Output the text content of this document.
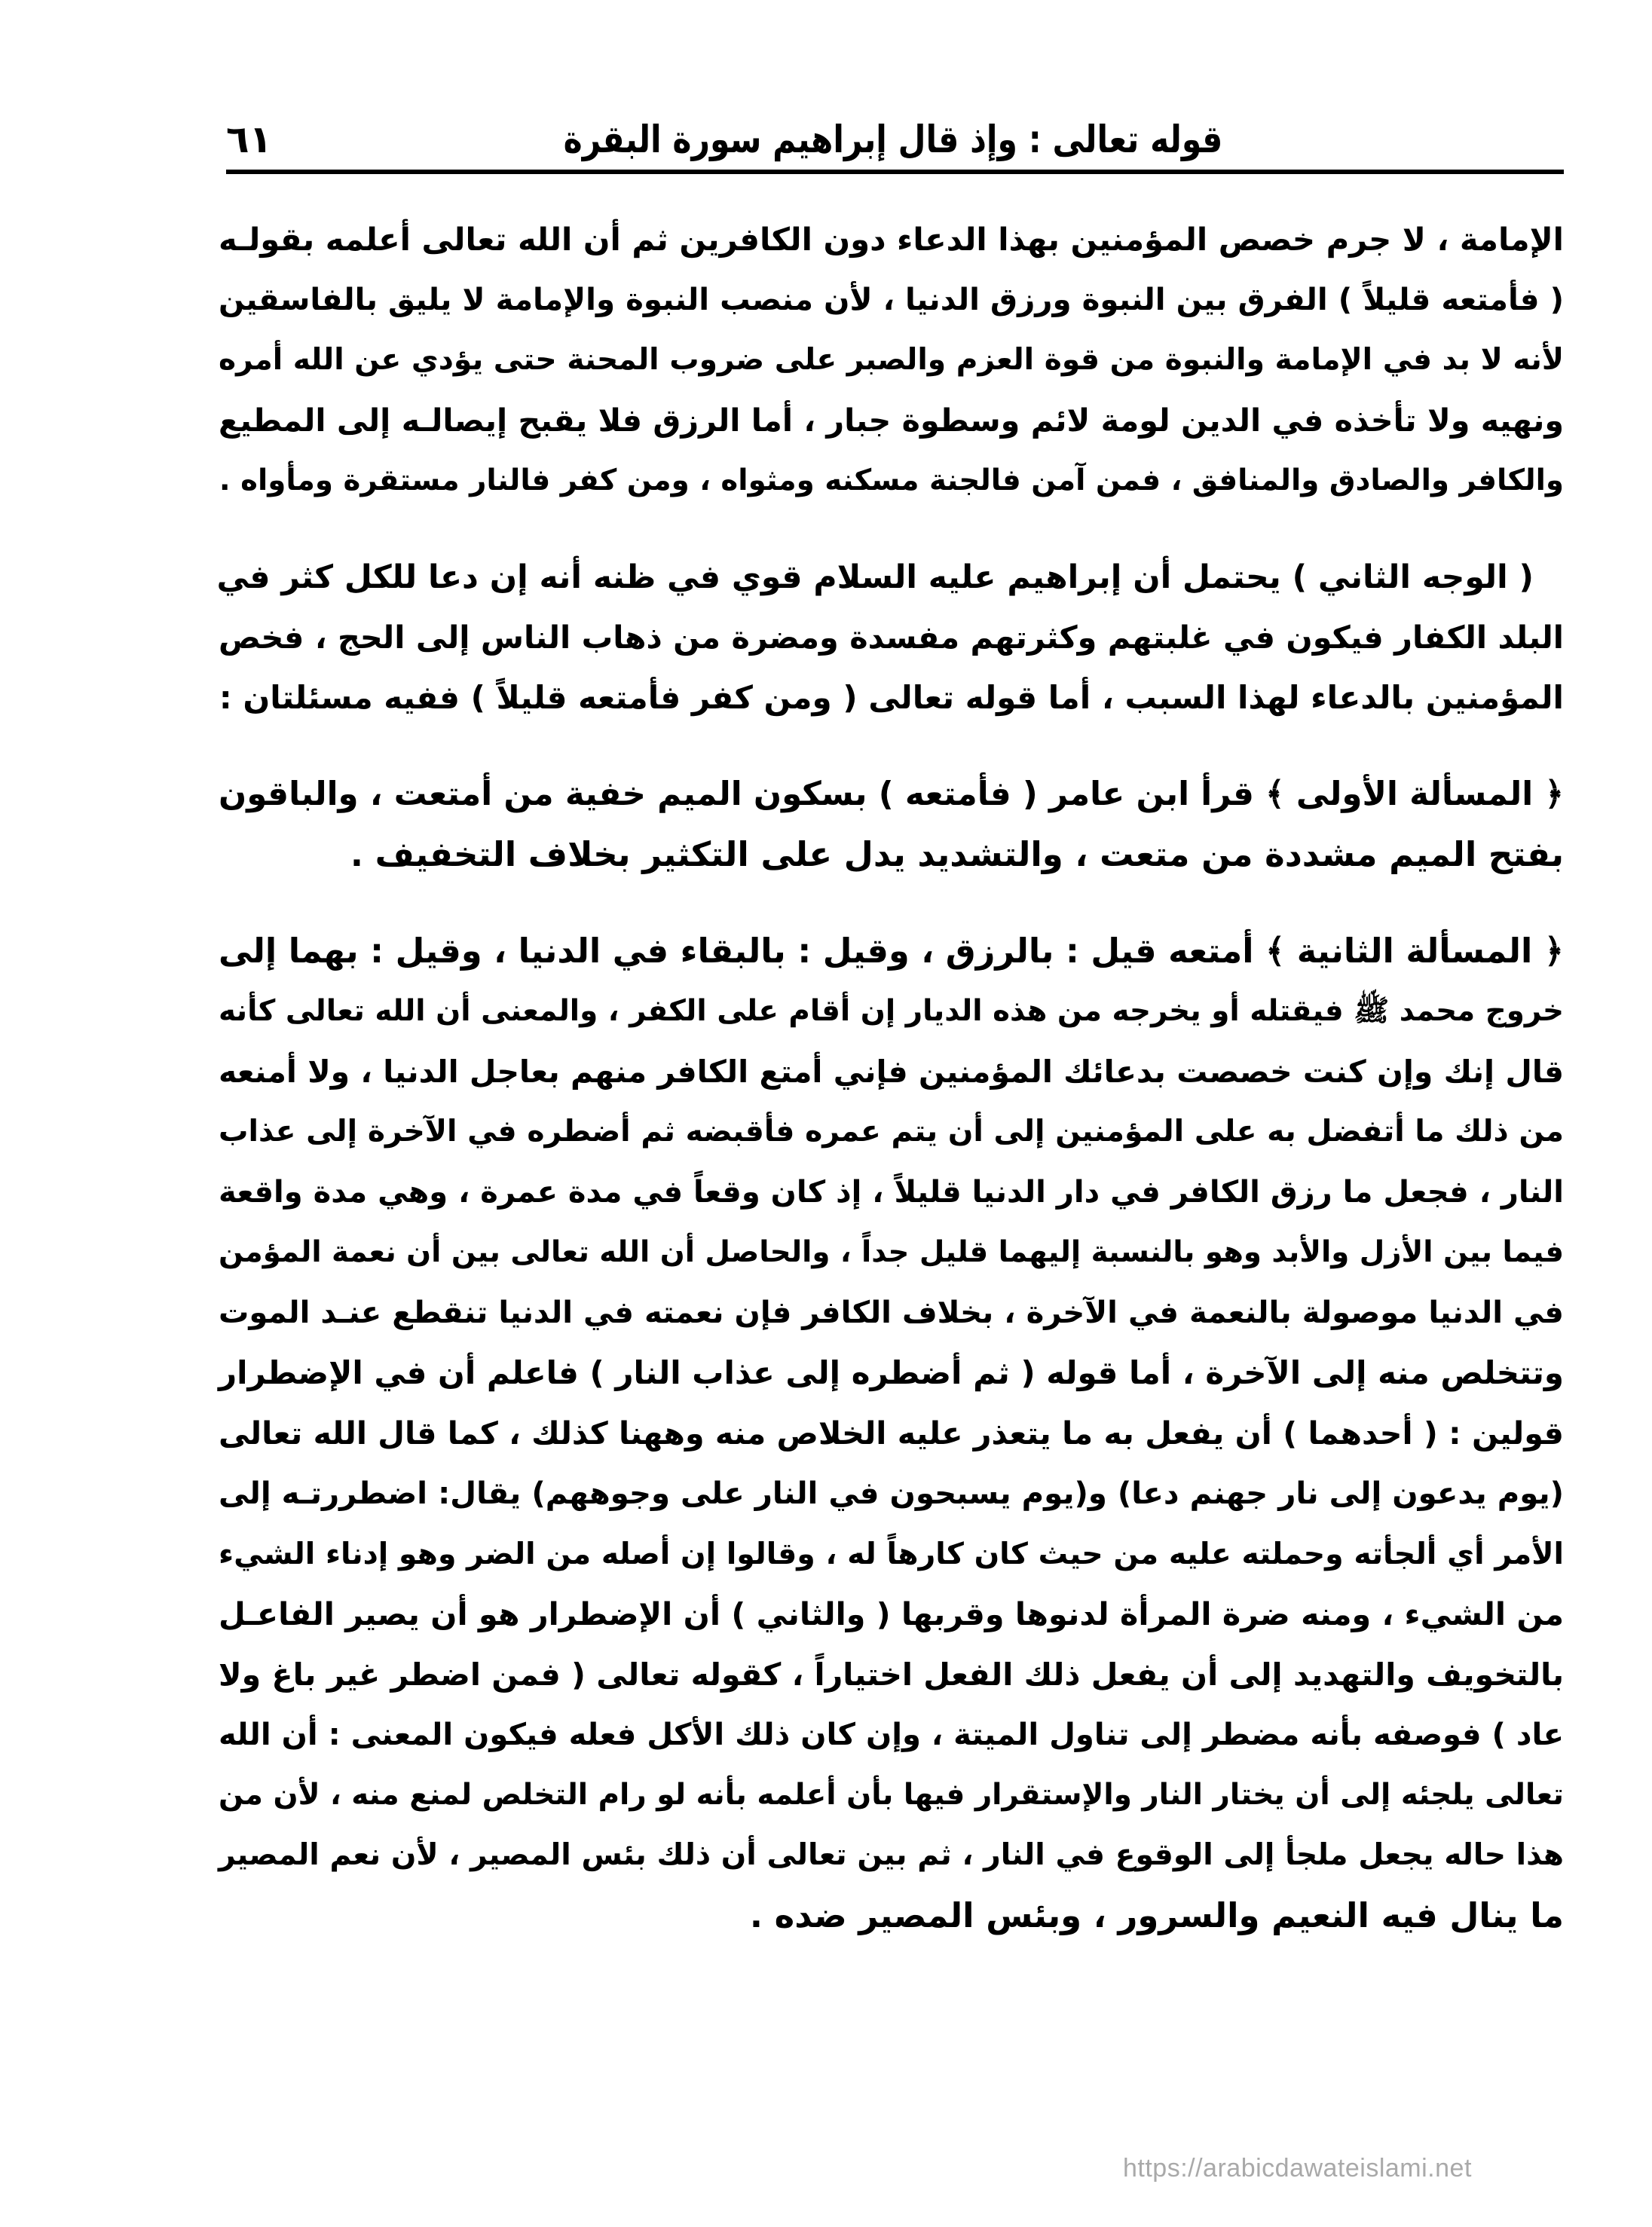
قوله تعالى : وإذ قال إبراهيم سورة البقرة
٦١
الإمامة ، لا جرم خصص المؤمنين بهذا الدعاء دون الكافرين ثم أن الله تعالى أعلمه بقولـه
( فأمتعه قليلاً ) الفرق بين النبوة ورزق الدنيا ، لأن منصب النبوة والإمامة لا يليق بالفاسقين
لأنه لا بد في الإمامة والنبوة من قوة العزم والصبر على ضروب المحنة حتى يؤدي عن الله أمره
ونهيه ولا تأخذه في الدين لومة لائم وسطوة جبار ، أما الرزق فلا يقبح إيصالـه إلى المطيع
والكافر والصادق والمنافق ، فمن آمن فالجنة مسكنه ومثواه ، ومن كفر فالنار مستقرة ومأواه .
( الوجه الثاني ) يحتمل أن إبراهيم عليه السلام قوي في ظنه أنه إن دعا للكل كثر في
البلد الكفار فيكون في غلبتهم وكثرتهم مفسدة ومضرة من ذهاب الناس إلى الحج ، فخص
المؤمنين بالدعاء لهذا السبب ، أما قوله تعالى ( ومن كفر فأمتعه قليلاً ) ففيه مسئلتان :
﴿ المسألة الأولى ﴾ قرأ ابن عامر ( فأمتعه ) بسكون الميم خفية من أمتعت ، والباقون
بفتح الميم مشددة من متعت ، والتشديد يدل على التكثير بخلاف التخفيف .
﴿ المسألة الثانية ﴾ أمتعه قيل : بالرزق ، وقيل : بالبقاء في الدنيا ، وقيل : بهما إلى
خروج محمد ﷺ فيقتله أو يخرجه من هذه الديار إن أقام على الكفر ، والمعنى أن الله تعالى كأنه
قال إنك وإن كنت خصصت بدعائك المؤمنين فإني أمتع الكافر منهم بعاجل الدنيا ، ولا أمنعه
من ذلك ما أتفضل به على المؤمنين إلى أن يتم عمره فأقبضه ثم أضطره في الآخرة إلى عذاب
النار ، فجعل ما رزق الكافر في دار الدنيا قليلاً ، إذ كان وقعاً في مدة عمرة ، وهي مدة واقعة
فيما بين الأزل والأبد وهو بالنسبة إليهما قليل جداً ، والحاصل أن الله تعالى بين أن نعمة المؤمن
في الدنيا موصولة بالنعمة في الآخرة ، بخلاف الكافر فإن نعمته في الدنيا تنقطع عنـد الموت
وتتخلص منه إلى الآخرة ، أما قوله ( ثم أضطره إلى عذاب النار ) فاعلم أن في الإضطرار
قولين : ( أحدهما ) أن يفعل به ما يتعذر عليه الخلاص منه وههنا كذلك ، كما قال الله تعالى
(يوم يدعون إلى نار جهنم دعا) و(يوم يسبحون في النار على وجوههم) يقال: اضطررتـه إلى
الأمر أي ألجأته وحملته عليه من حيث كان كارهاً له ، وقالوا إن أصله من الضر وهو إدناء الشيء
من الشيء ، ومنه ضرة المرأة لدنوها وقربها ( والثاني ) أن الإضطرار هو أن يصير الفاعـل
بالتخويف والتهديد إلى أن يفعل ذلك الفعل اختياراً ، كقوله تعالى ( فمن اضطر غير باغ ولا
عاد ) فوصفه بأنه مضطر إلى تناول الميتة ، وإن كان ذلك الأكل فعله فيكون المعنى : أن الله
تعالى يلجئه إلى أن يختار النار والإستقرار فيها بأن أعلمه بأنه لو رام التخلص لمنع منه ، لأن من
هذا حاله يجعل ملجأ إلى الوقوع في النار ، ثم بين تعالى أن ذلك بئس المصير ، لأن نعم المصير
ما ينال فيه النعيم والسرور ، وبئس المصير ضده .
https://arabicdawateislami.net
